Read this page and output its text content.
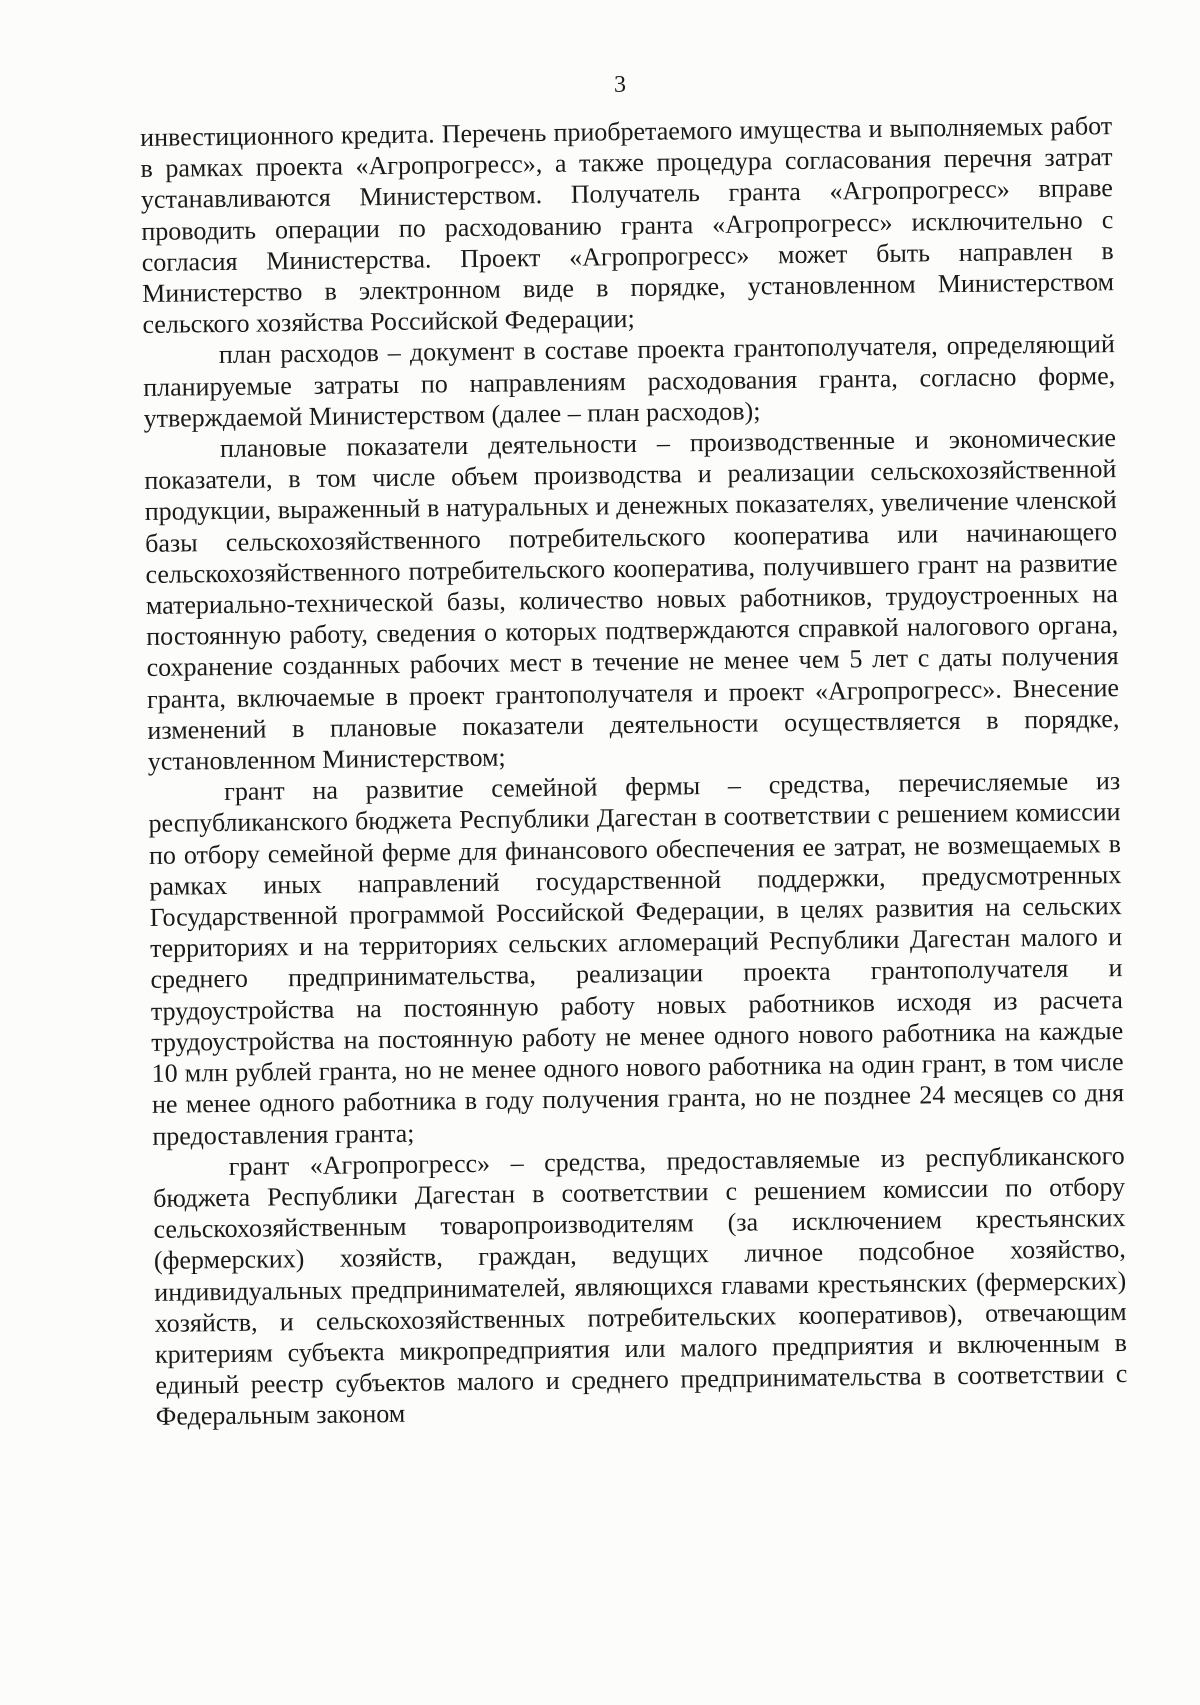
3

инвестиционного кредита. Перечень приобретаемого имущества и выполняемых работ в рамках проекта «Агропрогресс», а также процедура согласования перечня затрат устанавливаются Министерством. Получатель гранта «Агропрогресс» вправе проводить операции по расходованию гранта «Агропрогресс» исключительно с согласия Министерства. Проект «Агропрогресс» может быть направлен в Министерство в электронном виде в порядке, установленном Министерством сельского хозяйства Российской Федерации;

план расходов – документ в составе проекта грантополучателя, определяющий планируемые затраты по направлениям расходования гранта, согласно форме, утверждаемой Министерством (далее – план расходов);

плановые показатели деятельности – производственные и экономические показатели, в том числе объем производства и реализации сельскохозяйственной продукции, выраженный в натуральных и денежных показателях, увеличение членской базы сельскохозяйственного потребительского кооператива или начинающего сельскохозяйственного потребительского кооператива, получившего грант на развитие материально-технической базы, количество новых работников, трудоустроенных на постоянную работу, сведения о которых подтверждаются справкой налогового органа, сохранение созданных рабочих мест в течение не менее чем 5 лет с даты получения гранта, включаемые в проект грантополучателя и проект «Агропрогресс». Внесение изменений в плановые показатели деятельности осуществляется в порядке, установленном Министерством;

грант на развитие семейной фермы – средства, перечисляемые из республиканского бюджета Республики Дагестан в соответствии с решением комиссии по отбору семейной ферме для финансового обеспечения ее затрат, не возмещаемых в рамках иных направлений государственной поддержки, предусмотренных Государственной программой Российской Федерации, в целях развития на сельских территориях и на территориях сельских агломераций Республики Дагестан малого и среднего предпринимательства, реализации проекта грантополучателя и трудоустройства на постоянную работу новых работников исходя из расчета трудоустройства на постоянную работу не менее одного нового работника на каждые 10 млн рублей гранта, но не менее одного нового работника на один грант, в том числе не менее одного работника в году получения гранта, но не позднее 24 месяцев со дня предоставления гранта;

грант «Агропрогресс» – средства, предоставляемые из республиканского бюджета Республики Дагестан в соответствии с решением комиссии по отбору сельскохозяйственным товаропроизводителям (за исключением крестьянских (фермерских) хозяйств, граждан, ведущих личное подсобное хозяйство, индивидуальных предпринимателей, являющихся главами крестьянских (фермерских) хозяйств, и сельскохозяйственных потребительских кооперативов), отвечающим критериям субъекта микропредприятия или малого предприятия и включенным в единый реестр субъектов малого и среднего предпринимательства в соответствии с Федеральным законом
